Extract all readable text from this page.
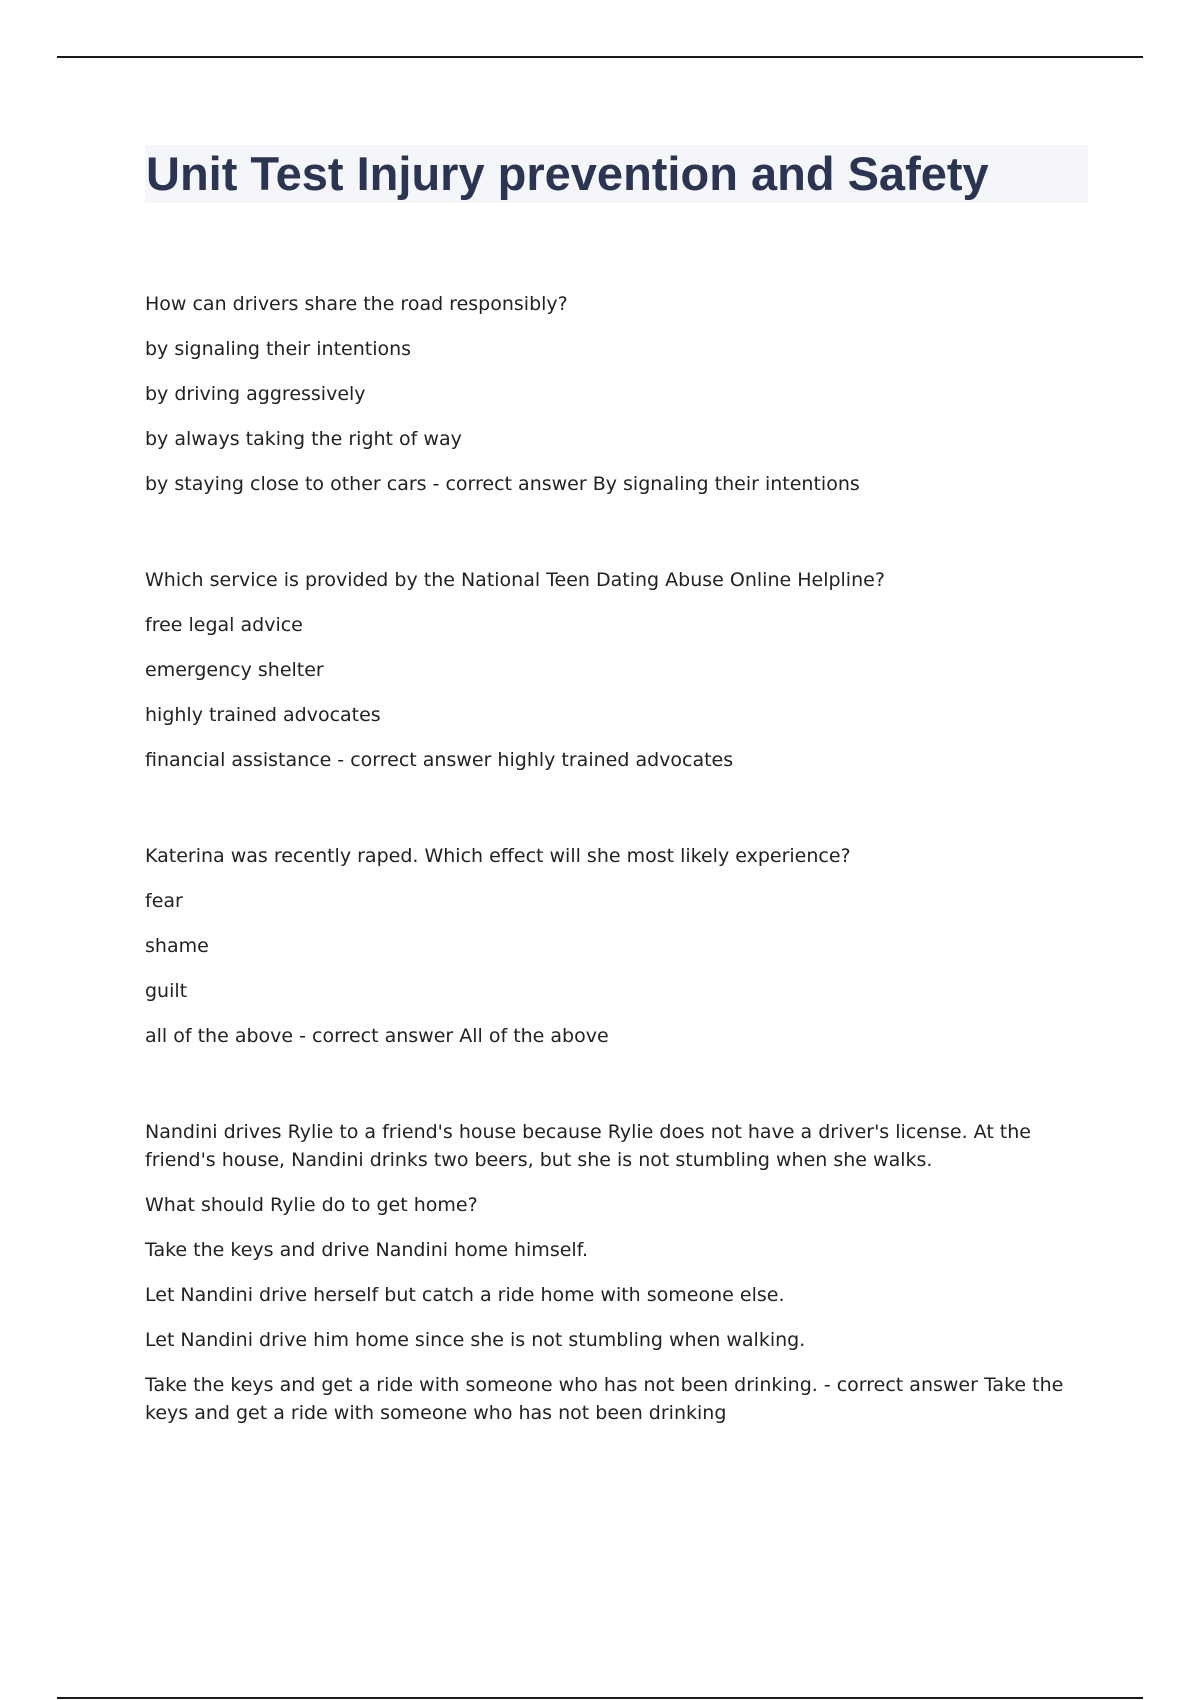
Unit Test Injury prevention and Safety

How can drivers share the road responsibly?

by signaling their intentions

by driving aggressively

by always taking the right of way

by staying close to other cars - correct answer By signaling their intentions

Which service is provided by the National Teen Dating Abuse Online Helpline?

free legal advice

emergency shelter

highly trained advocates

financial assistance - correct answer highly trained advocates

Katerina was recently raped. Which effect will she most likely experience?

fear

shame

guilt

all of the above - correct answer All of the above

Nandini drives Rylie to a friend's house because Rylie does not have a driver's license. At the friend's house, Nandini drinks two beers, but she is not stumbling when she walks.

What should Rylie do to get home?

Take the keys and drive Nandini home himself.

Let Nandini drive herself but catch a ride home with someone else.

Let Nandini drive him home since she is not stumbling when walking.

Take the keys and get a ride with someone who has not been drinking. - correct answer Take the keys and get a ride with someone who has not been drinking
